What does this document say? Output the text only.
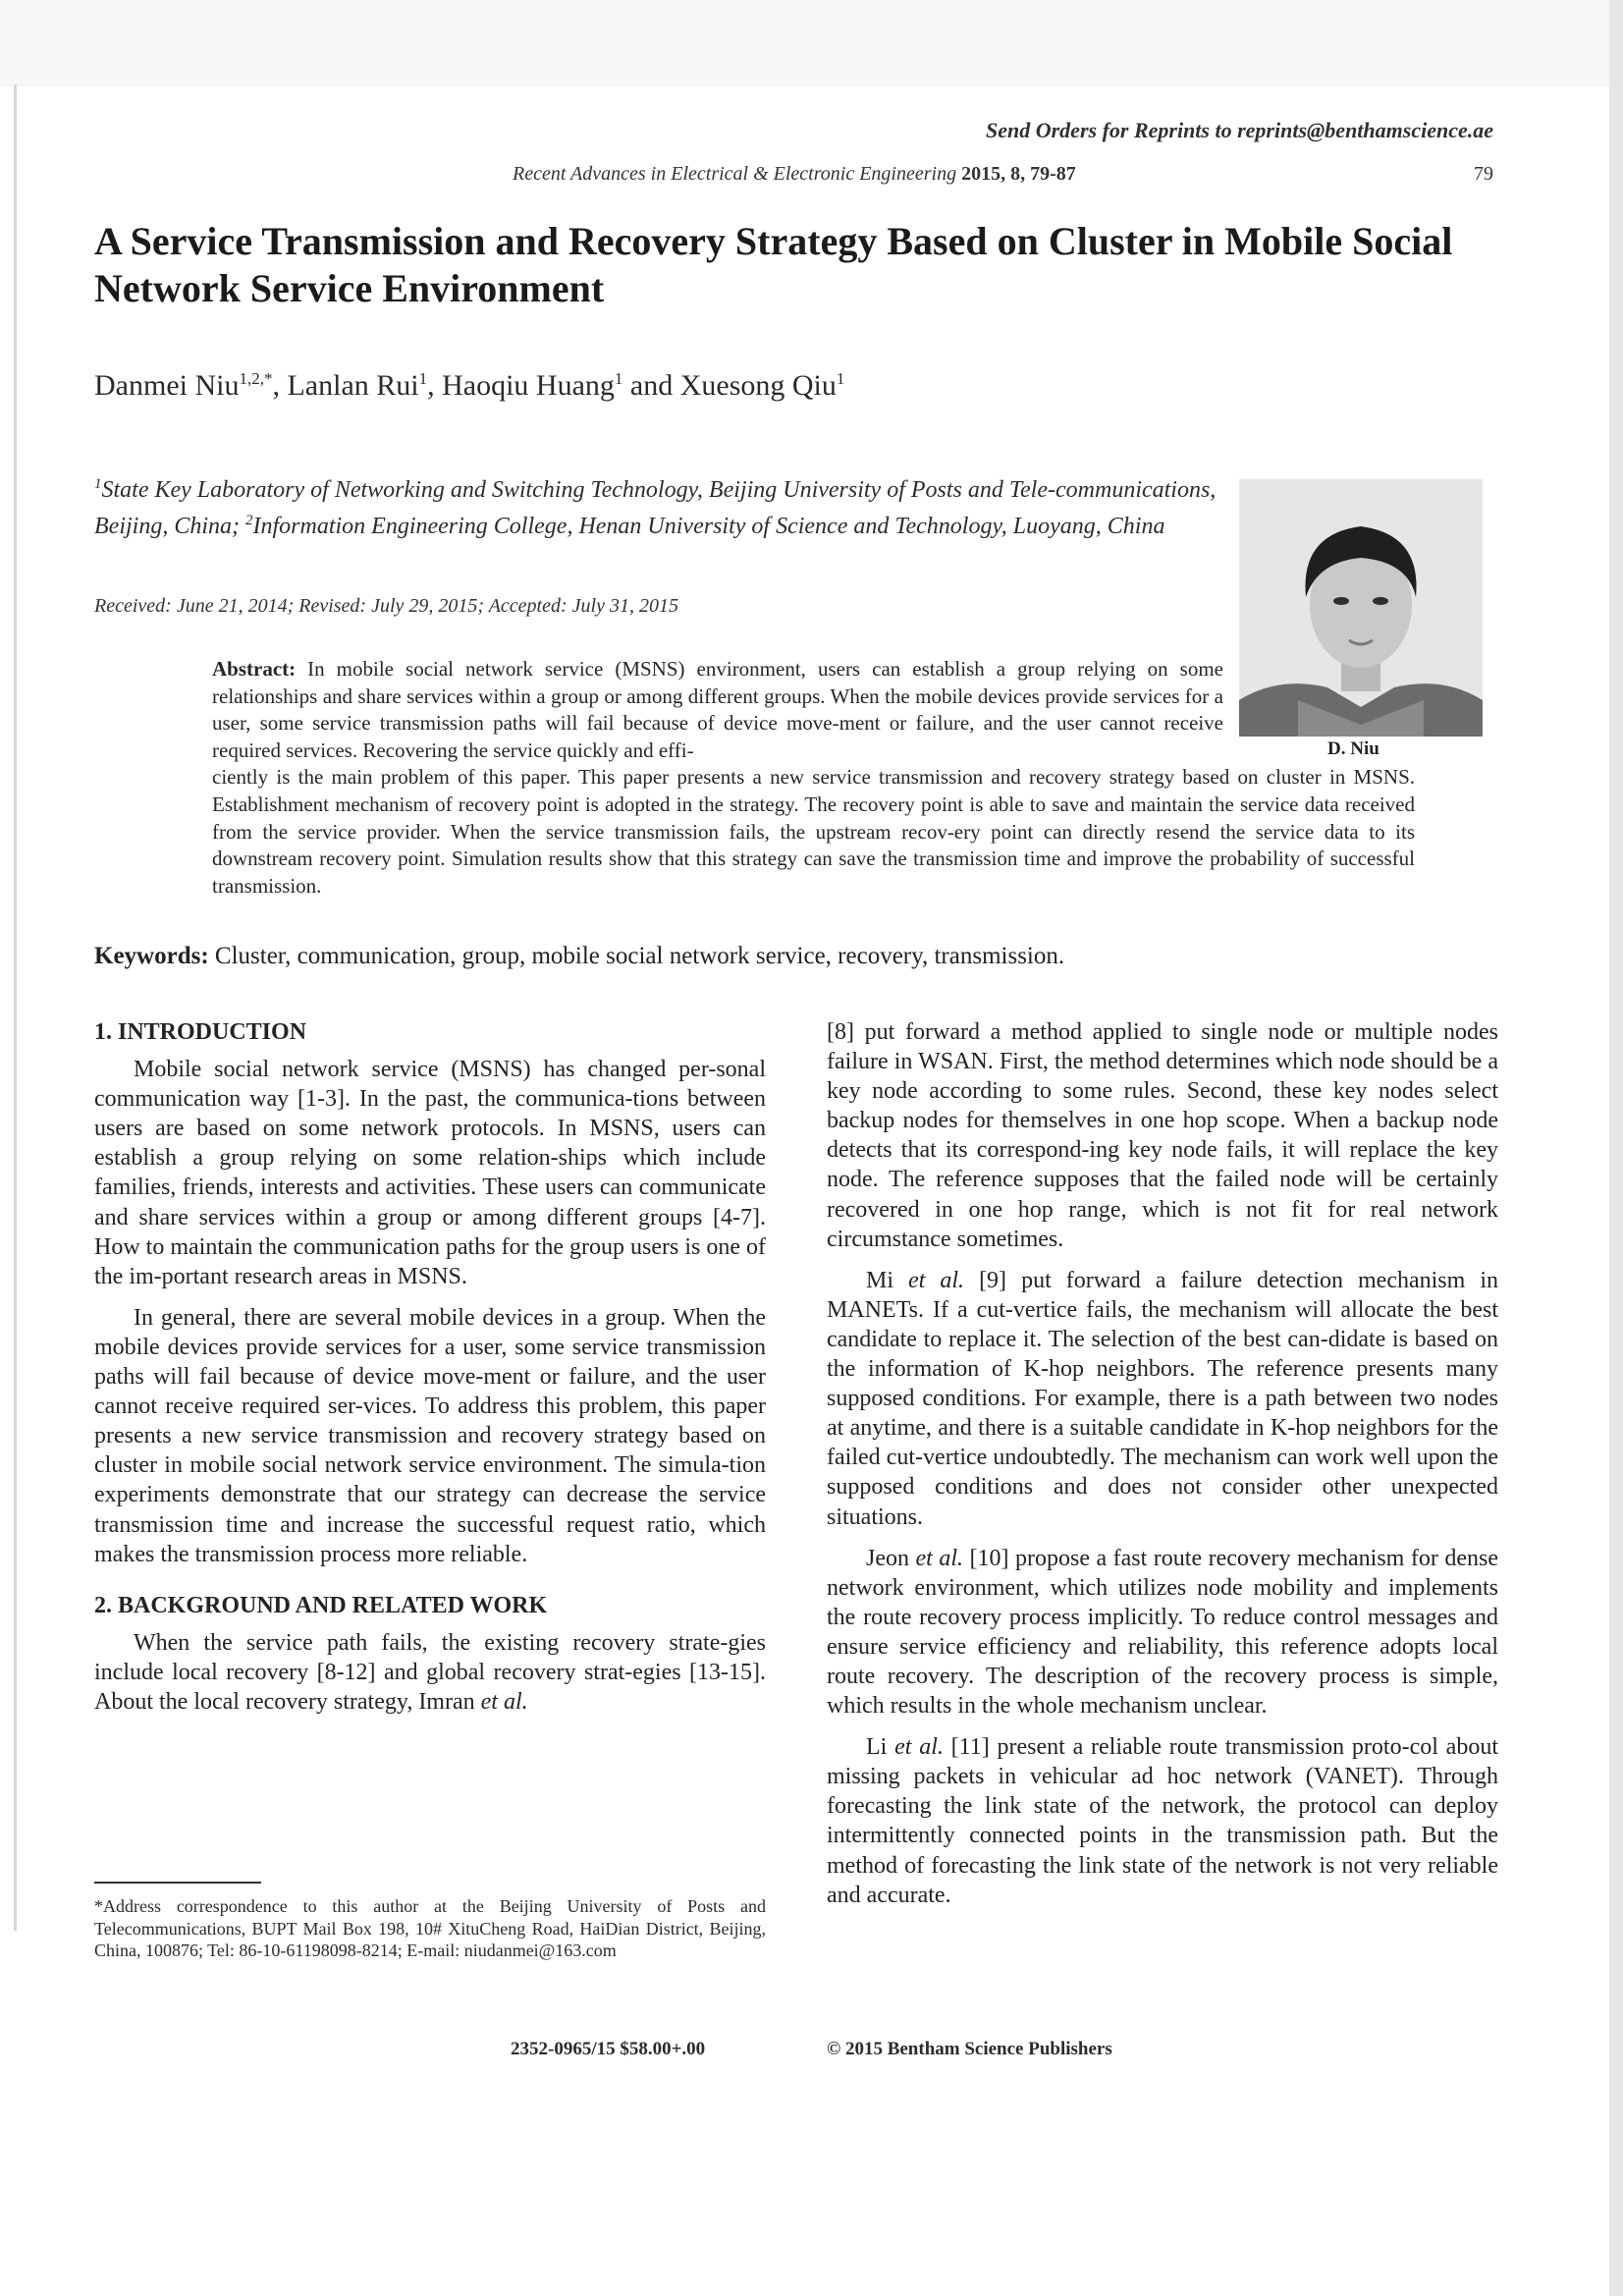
Send Orders for Reprints to reprints@benthamscience.ae
Recent Advances in Electrical & Electronic Engineering 2015, 8, 79-87	79
A Service Transmission and Recovery Strategy Based on Cluster in Mobile Social Network Service Environment
Danmei Niu$^{1,2,*}$, Lanlan Rui$^1$, Haoqiu Huang$^1$ and Xuesong Qiu$^1$
$^1$State Key Laboratory of Networking and Switching Technology, Beijing University of Posts and Tele-communications, Beijing, China; $^2$Information Engineering College, Henan University of Science and Technology, Luoyang, China
Received: June 21, 2014; Revised: July 29, 2015; Accepted: July 31, 2015
D. Niu
Abstract: In mobile social network service (MSNS) environment, users can establish a group relying on some relationships and share services within a group or among different groups. When the mobile devices provide services for a user, some service transmission paths will fail because of device move-ment or failure, and the user cannot receive required services. Recovering the service quickly and effi-
ciently is the main problem of this paper. This paper presents a new service transmission and recovery strategy based on cluster in MSNS. Establishment mechanism of recovery point is adopted in the strategy. The recovery point is able to save and maintain the service data received from the service provider. When the service transmission fails, the upstream recov-ery point can directly resend the service data to its downstream recovery point. Simulation results show that this strategy can save the transmission time and improve the probability of successful transmission.
Keywords: Cluster, communication, group, mobile social network service, recovery, transmission.
1. INTRODUCTION

Mobile social network service (MSNS) has changed per-sonal communication way [1-3]. In the past, the communica-tions between users are based on some network protocols. In MSNS, users can establish a group relying on some relation-ships which include families, friends, interests and activities. These users can communicate and share services within a group or among different groups [4-7]. How to maintain the communication paths for the group users is one of the im-portant research areas in MSNS.

In general, there are several mobile devices in a group. When the mobile devices provide services for a user, some service transmission paths will fail because of device move-ment or failure, and the user cannot receive required ser-vices. To address this problem, this paper presents a new service transmission and recovery strategy based on cluster in mobile social network service environment. The simula-tion experiments demonstrate that our strategy can decrease the service transmission time and increase the successful request ratio, which makes the transmission process more reliable.

2. BACKGROUND AND RELATED WORK

When the service path fails, the existing recovery strate-gies include local recovery [8-12] and global recovery strat-egies [13-15]. About the local recovery strategy, Imran et al.

[8] put forward a method applied to single node or multiple nodes failure in WSAN. First, the method determines which node should be a key node according to some rules. Second, these key nodes select backup nodes for themselves in one hop scope. When a backup node detects that its correspond-ing key node fails, it will replace the key node. The reference supposes that the failed node will be certainly recovered in one hop range, which is not fit for real network circumstance sometimes.

Mi et al. [9] put forward a failure detection mechanism in MANETs. If a cut-vertice fails, the mechanism will allocate the best candidate to replace it. The selection of the best can-didate is based on the information of K-hop neighbors. The reference presents many supposed conditions. For example, there is a path between two nodes at anytime, and there is a suitable candidate in K-hop neighbors for the failed cut-vertice undoubtedly. The mechanism can work well upon the supposed conditions and does not consider other unexpected situations.

Jeon et al. [10] propose a fast route recovery mechanism for dense network environment, which utilizes node mobility and implements the route recovery process implicitly. To reduce control messages and ensure service efficiency and reliability, this reference adopts local route recovery. The description of the recovery process is simple, which results in the whole mechanism unclear.

Li et al. [11] present a reliable route transmission proto-col about missing packets in vehicular ad hoc network (VANET). Through forecasting the link state of the network, the protocol can deploy intermittently connected points in the transmission path. But the method of forecasting the link state of the network is not very reliable and accurate.

*Address correspondence to this author at the Beijing University of Posts and Telecommunications, BUPT Mail Box 198, 10# XituCheng Road, HaiDian District, Beijing, China, 100876; Tel: 86-10-61198098-8214; E-mail: niudanmei@163.com
2352-0965/15 $58.00+.00	© 2015 Bentham Science Publishers
